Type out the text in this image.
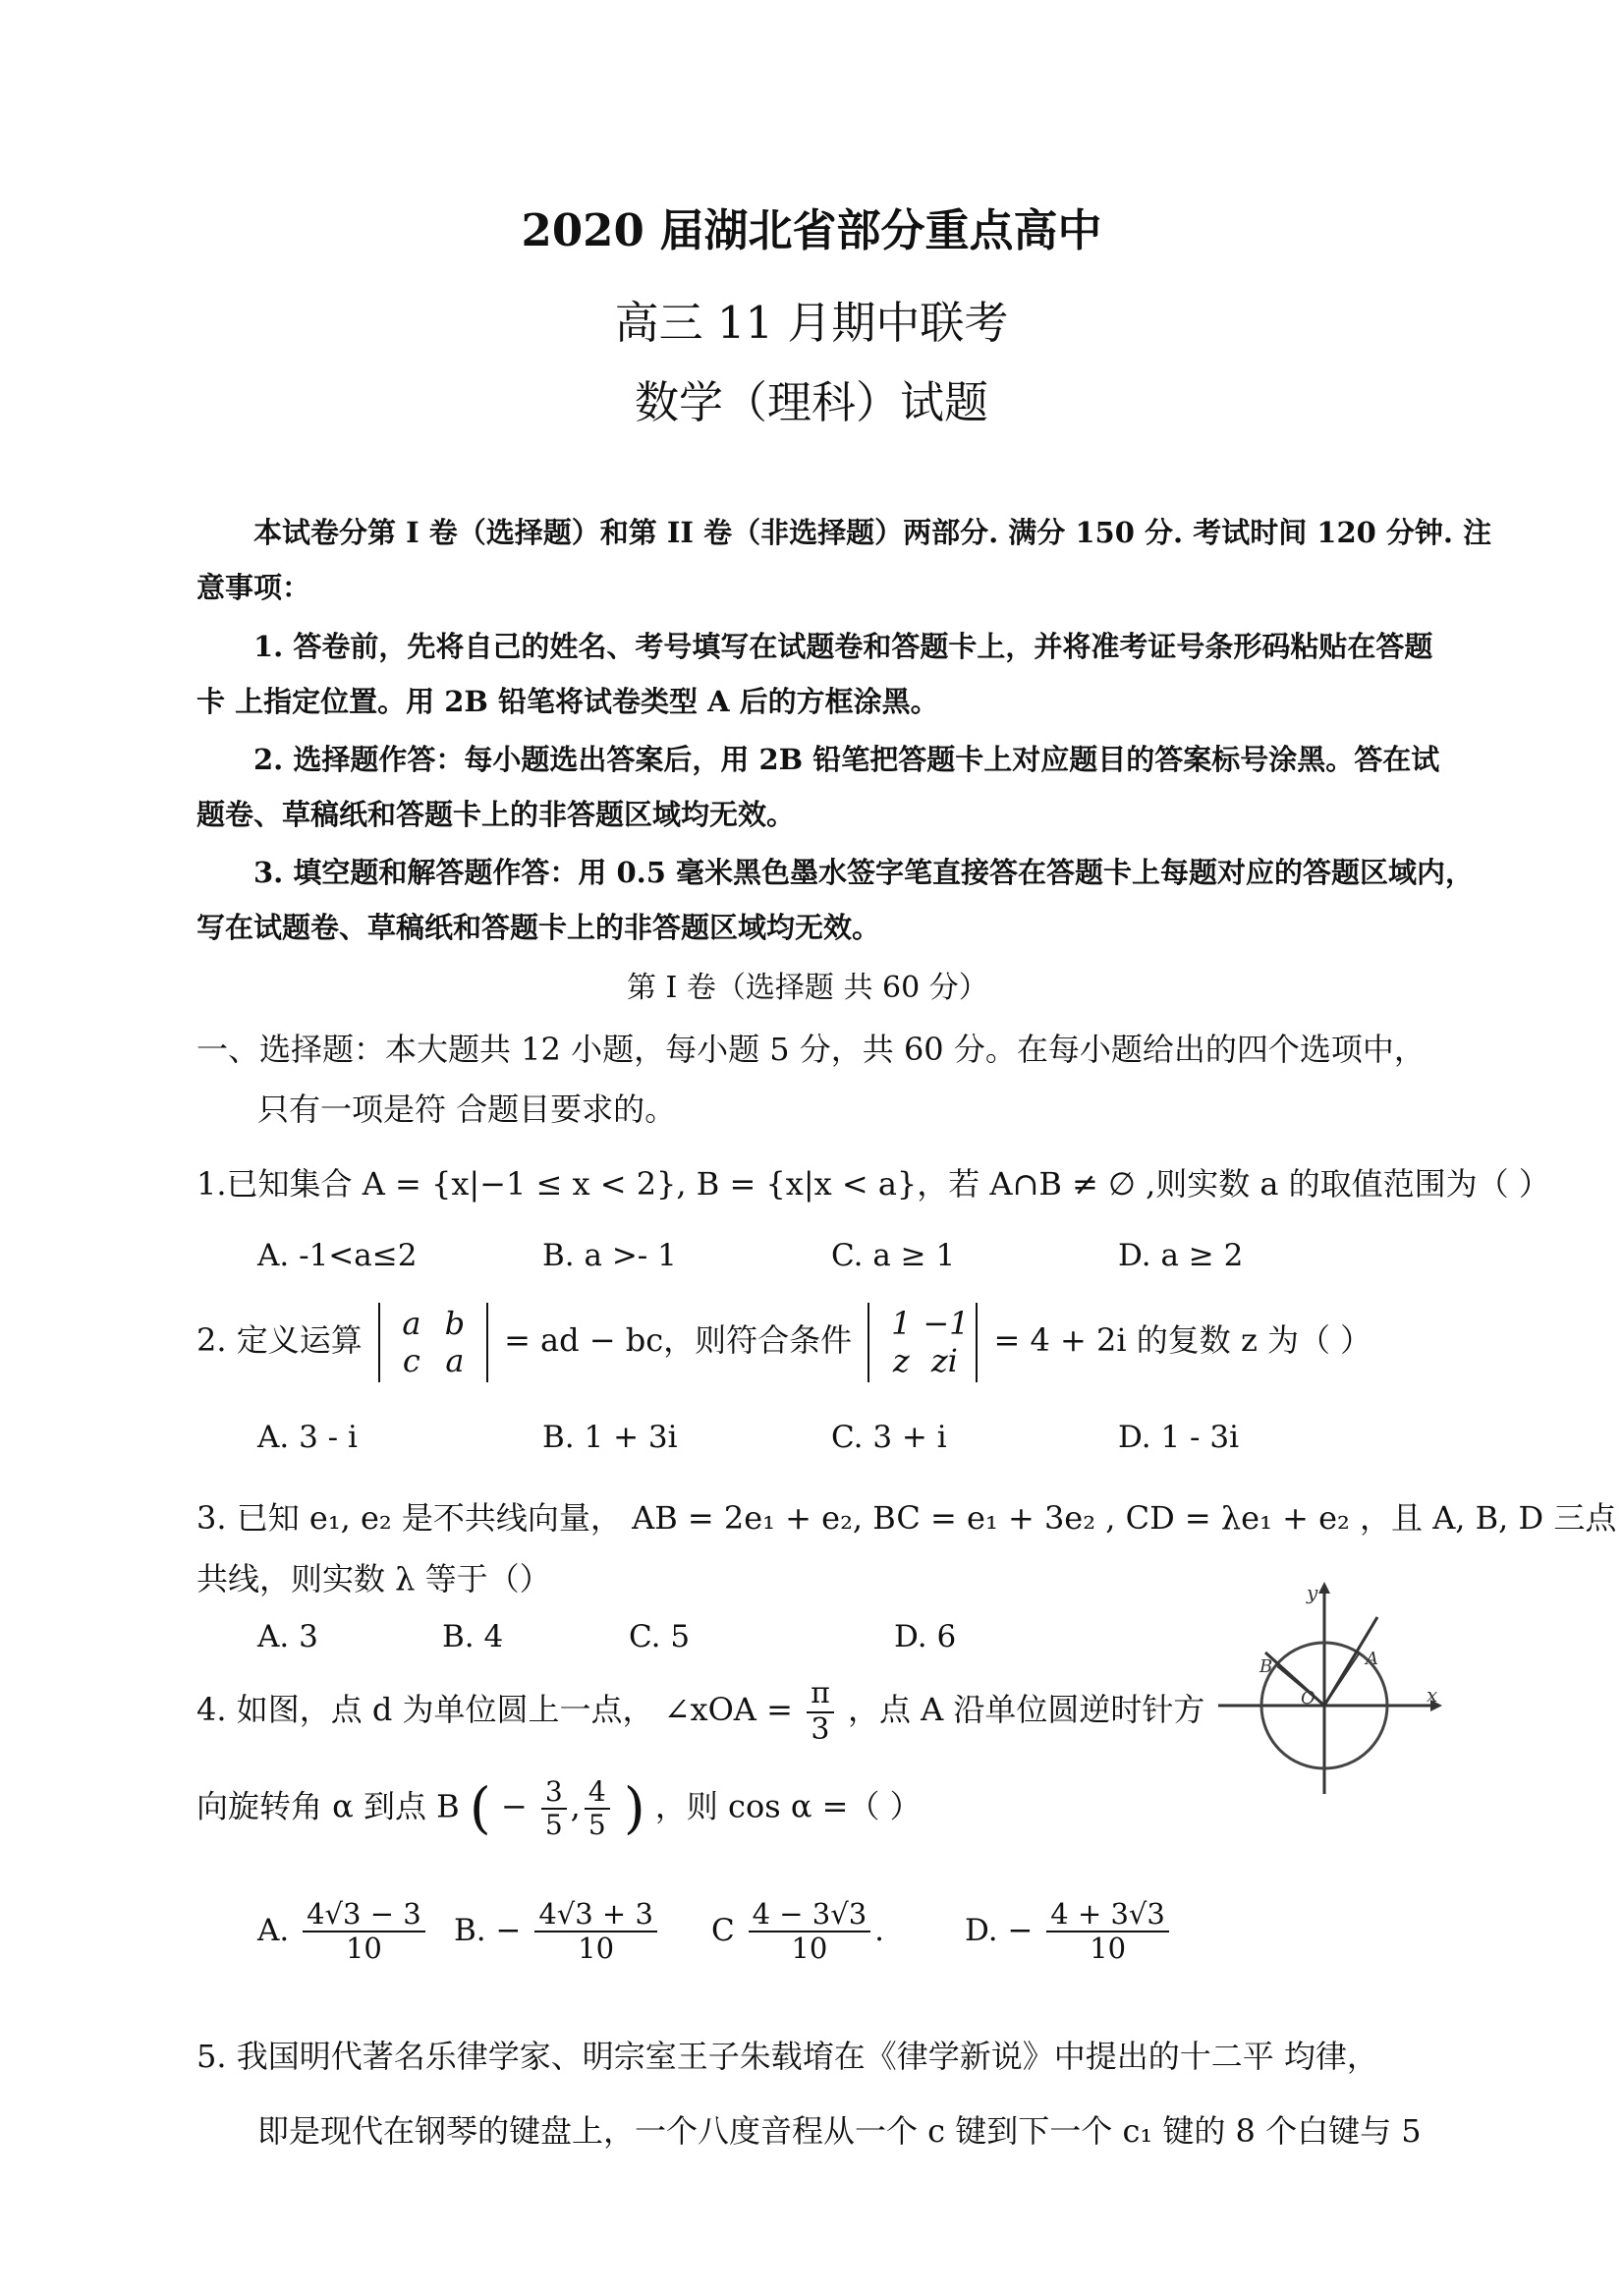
2020 届湖北省部分重点高中
高三 11 月期中联考
数学（理科）试题
本试卷分第 I 卷（选择题）和第 II 卷（非选择题）两部分. 满分 150 分. 考试时间 120 分钟. 注
意事项：
1. 答卷前，先将自己的姓名、考号填写在试题卷和答题卡上，并将准考证号条形码粘贴在答题
卡 上指定位置。用 2B 铅笔将试卷类型 A 后的方框涂黑。
2. 选择题作答：每小题选出答案后，用 2B 铅笔把答题卡上对应题目的答案标号涂黑。答在试
题卷、草稿纸和答题卡上的非答题区域均无效。
3. 填空题和解答题作答：用 0.5 毫米黑色墨水签字笔直接答在答题卡上每题对应的答题区域内，
写在试题卷、草稿纸和答题卡上的非答题区域均无效。
第 I 卷（选择题 共 60 分）
一、选择题：本大题共 12 小题，每小题 5 分，共 60 分。在每小题给出的四个选项中，
只有一项是符 合题目要求的。
1.已知集合 A = {x|−1 ≤ x < 2}, B = {x|x < a}，若 A∩B ≠ ∅ ,则实数 a 的取值范围为（ ）
A. -1<a≤2	B. a >- 1	C. a ≥ 1	D. a ≥ 2
2. 定义运算 a b
c a = ad − bc，则符合条件 1 −1
z zi = 4 + 2i 的复数 z 为（ ）
A. 3 - i	B. 1 + 3i	C. 3 + i	D. 1 - 3i
3. 已知 e₁, e₂ 是不共线向量， AB = 2e₁ + e₂, BC = e₁ + 3e₂ , CD = λe₁ + e₂ ，且 A, B, D 三点
共线，则实数 λ 等于（）
A. 3	B. 4	C. 5	D. 6
y
x
O
A
B
4. 如图，点 d 为单位圆上一点， ∠xOA = $\frac{\pi}{3}$ ，点 A 沿单位圆逆时针方
向旋转角 α 到点 B ( − $\frac{3}{5}$ , $\frac{4}{5}$ ) ，则 cos α =（ ）
A. $\frac{4√3 - 3}{10} B$. − $\frac{4√3 + 3}{10}$ C $\frac{4 - 3√3}{10}$ .	D. − $\frac{4 + 3√3}{10}$
5. 我国明代著名乐律学家、明宗室王子朱载堉在《律学新说》中提出的十二平 均律，
即是现代在钢琴的键盘上，一个八度音程从一个 c 键到下一个 c₁ 键的 8 个白键与 5
